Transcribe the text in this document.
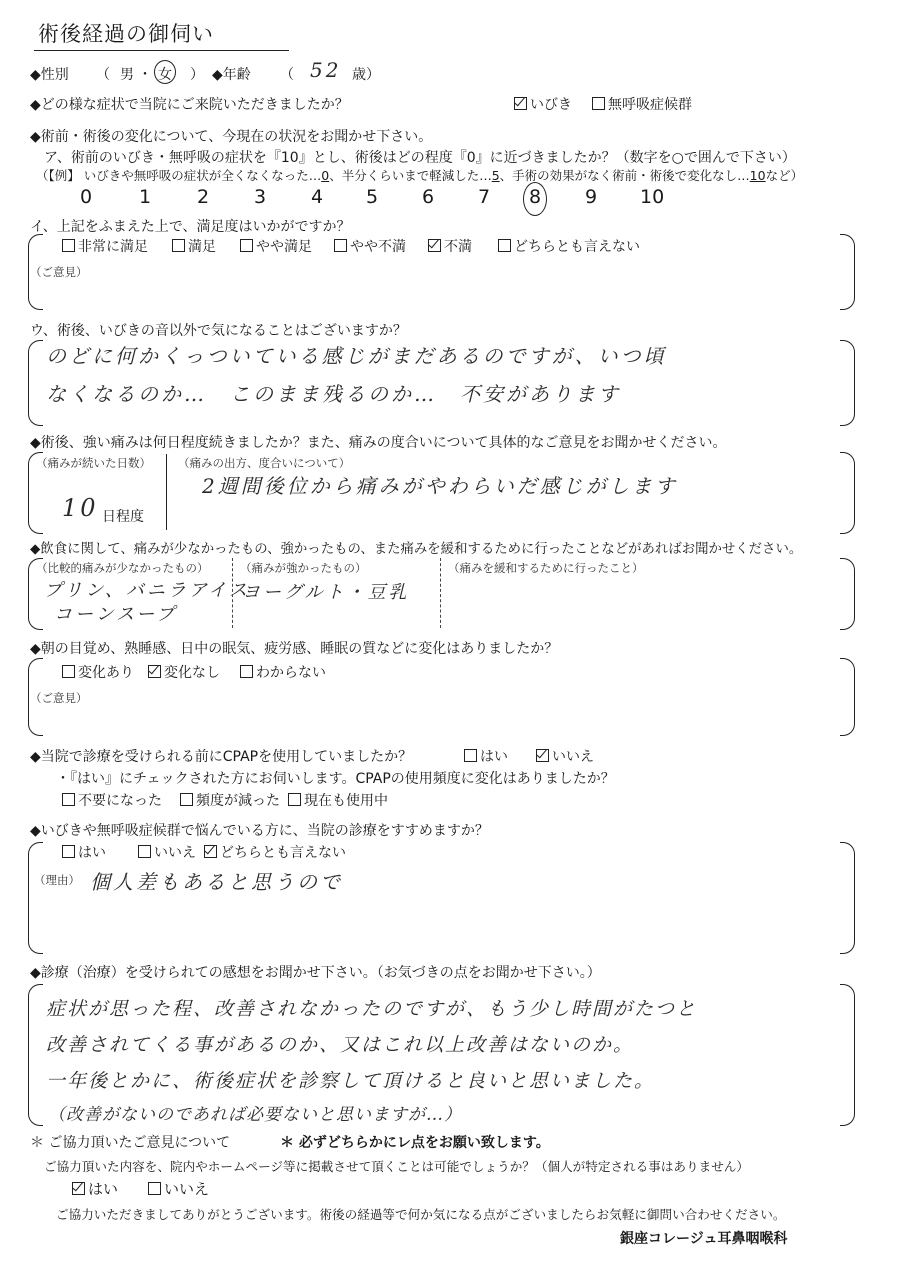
術後経過の御伺い
◆性別 （ 男 ・ 女 ） ◆年齢 （ 52 歳）
◆どの様な症状で当院にご来院いただきましたか？	いびき	無呼吸症候群
◆術前・術後の変化について、今現在の状況をお聞かせ下さい。
ア、術前のいびき・無呼吸の症状を『10』とし、術後はどの程度『0』に近づきましたか？（数字を○で囲んで下さい）
（【例】 いびきや無呼吸の症状が全くなくなった…0、半分くらいまで軽減した…5、手術の効果がなく術前・術後で変化なし…10など）
0 1 2 3 4 5 6 7 8 9 10
イ、上記をふまえた上で、満足度はいかがですか？
非常に満足	満足	やや満足	やや不満	不満	どちらとも言えない
（ご意見）
ウ、術後、いびきの音以外で気になることはございますか？
のどに何かくっついている感じがまだあるのですが、いつ頃
なくなるのか…　このまま残るのか…　不安があります
◆術後、強い痛みは何日程度続きましたか？また、痛みの度合いについて具体的なご意見をお聞かせください。
（痛みが続いた日数）
10 日程度
（痛みの出方、度合いについて）
2週間後位から痛みがやわらいだ感じがします
◆飲食に関して、痛みが少なかったもの、強かったもの、また痛みを緩和するために行ったことなどがあればお聞かせください。
（比較的痛みが少なかったもの）
プリン、バニラアイス
コーンスープ
（痛みが強かったもの）
ヨーグルト・豆乳
（痛みを緩和するために行ったこと）
◆朝の目覚め、熟睡感、日中の眠気、疲労感、睡眠の質などに変化はありましたか？
変化あり	変化なし	わからない
（ご意見）
◆当院で診療を受けられる前にCPAPを使用していましたか？	はい	いいえ
・『はい』にチェックされた方にお伺いします。CPAPの使用頻度に変化はありましたか？
不要になった	頻度が減った	現在も使用中
◆いびきや無呼吸症候群で悩んでいる方に、当院の診療をすすめますか？
はい	いいえ	どちらとも言えない
（理由） 個人差もあると思うので
◆診療（治療）を受けられての感想をお聞かせ下さい。（お気づきの点をお聞かせ下さい。）
症状が思った程、改善されなかったのですが、もう少し時間がたつと
改善されてくる事があるのか、又はこれ以上改善はないのか。
一年後とかに、術後症状を診察して頂けると良いと思いました。
（改善がないのであれば必要ないと思いますが…）
＊ ご協力頂いたご意見について	＊ 必ずどちらかにレ点をお願い致します。
ご協力頂いた内容を、院内やホームページ等に掲載させて頂くことは可能でしょうか？（個人が特定される事はありません）
はい	いいえ
ご協力いただきましてありがとうございます。術後の経過等で何か気になる点がございましたらお気軽に御問い合わせください。
銀座コレージュ耳鼻咽喉科
